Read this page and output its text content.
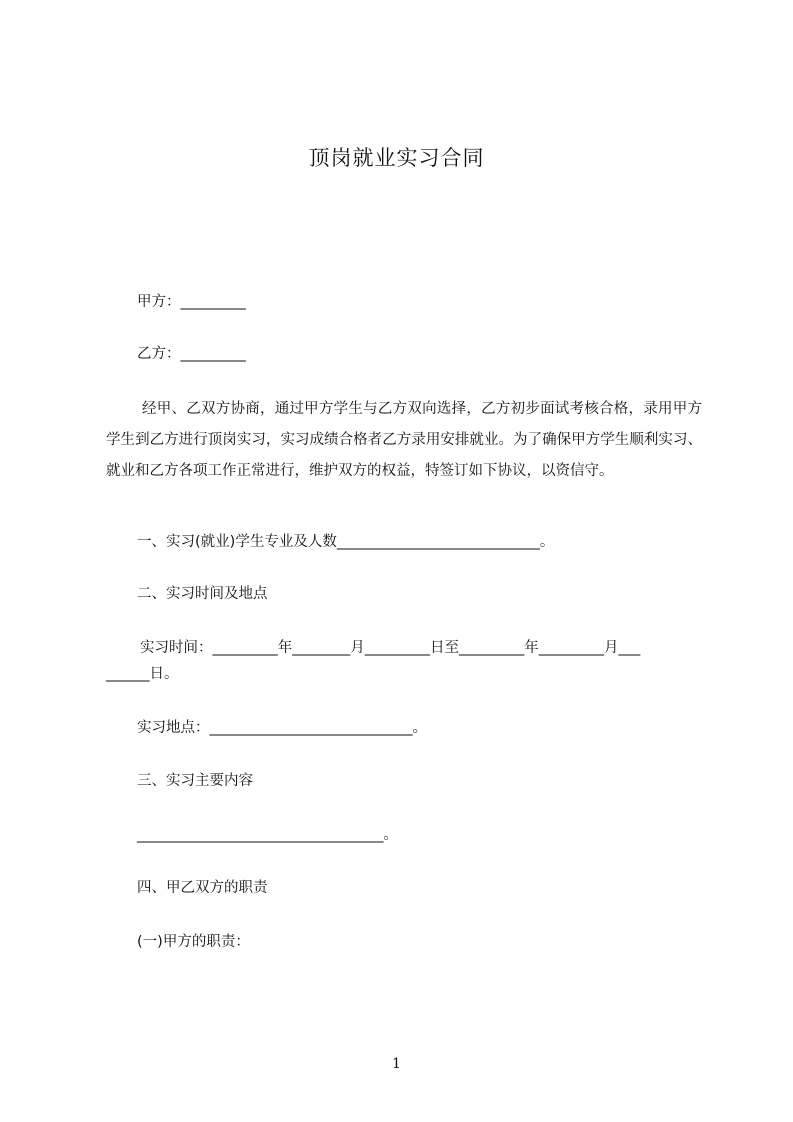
顶岗就业实习合同
甲方：_________
乙方：_________
经甲、乙双方协商，通过甲方学生与乙方双向选择，乙方初步面试考核合格，录用甲方学生到乙方进行顶岗实习，实习成绩合格者乙方录用安排就业。为了确保甲方学生顺利实习、就业和乙方各项工作正常进行，维护双方的权益，特签订如下协议，以资信守。
一、实习(就业)学生专业及人数____________________________。
二、实习时间及地点
实习时间：_________年________月_________日至_________年_________月___
______日。
实习地点：____________________________。
三、实习主要内容
__________________________________。
四、甲乙双方的职责
(一)甲方的职责：
1
